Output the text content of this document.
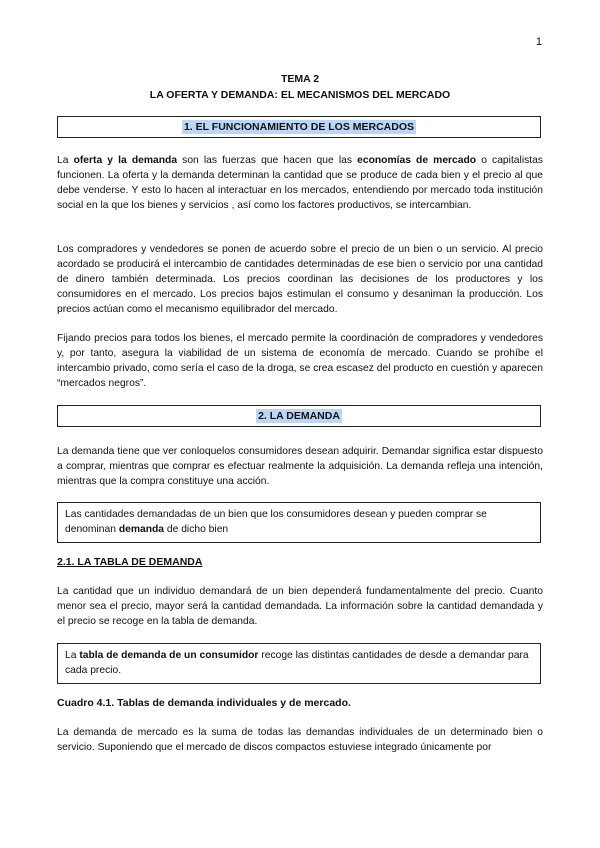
1
TEMA 2
LA OFERTA Y DEMANDA: EL MECANISMOS DEL MERCADO
1. EL FUNCIONAMIENTO DE LOS MERCADOS

La oferta y la demanda son las fuerzas que hacen que las economías de mercado o capitalistas funcionen. La oferta y la demanda determinan la cantidad que se produce de cada bien y el precio al que debe venderse. Y esto lo hacen al interactuar en los mercados, entendiendo por mercado toda institución social en la que los bienes y servicios , así como los factores productivos, se intercambian.

Los compradores y vendedores se ponen de acuerdo sobre el precio de un bien o un servicio. Al precio acordado se producirá el intercambio de cantidades determinadas de ese bien o servicio por una cantidad de dinero también determinada. Los precios coordinan las decisiones de los productores y los consumidores en el mercado. Los precios bajos estimulan el consumo y desaniman la producción. Los precios actúan como el mecanismo equilibrador del mercado.

Fijando precios para todos los bienes, el mercado permite la coordinación de compradores y vendedores y, por tanto, asegura la viabilidad de un sistema de economía de mercado. Cuando se prohíbe el intercambio privado, como sería el caso de la droga, se crea escasez del producto en cuestión y aparecen “mercados negros”.

2. LA DEMANDA

La demanda tiene que ver conloquelos consumidores desean adquirir. Demandar significa estar dispuesto a comprar, mientras que comprar es efectuar realmente la adquisición. La demanda refleja una intención, mientras que la compra constituye una acción.

Las cantidades demandadas de un bien que los consumidores desean y pueden comprar se denominan demanda de dicho bien
2.1. LA TABLA DE DEMANDA

La cantidad que un individuo demandará de un bien dependerá fundamentalmente del precio. Cuanto menor sea el precio, mayor será la cantidad demandada. La información sobre la cantidad demandada y el precio se recoge en la tabla de demanda.

La tabla de demanda de un consumidor recoge las distintas cantidades de desde a demandar para cada precio.
Cuadro 4.1. Tablas de demanda individuales y de mercado.

La demanda de mercado es la suma de todas las demandas individuales de un determinado bien o servicio. Suponiendo que el mercado de discos compactos estuviese integrado únicamente por
